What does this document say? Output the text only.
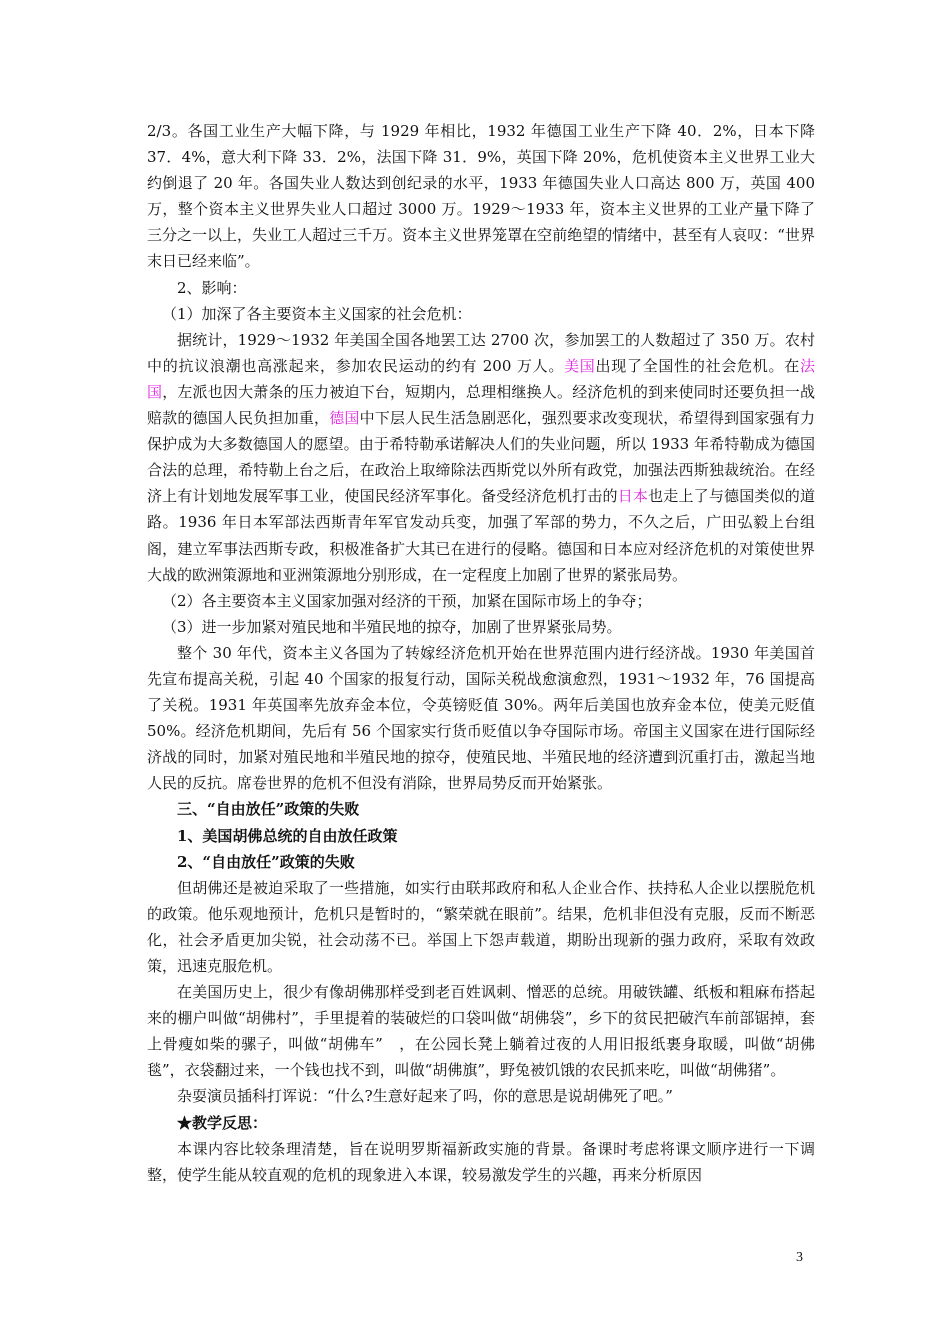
2/3。各国工业生产大幅下降，与 1929 年相比，1932 年德国工业生产下降 40．2%，日本下降 37．4%，意大利下降 33．2%，法国下降 31．9%，英国下降 20%，危机使资本主义世界工业大约倒退了 20 年。各国失业人数达到创纪录的水平，1933 年德国失业人口高达 800 万，英国 400 万，整个资本主义世界失业人口超过 3000 万。1929～1933 年，资本主义世界的工业产量下降了三分之一以上，失业工人超过三千万。资本主义世界笼罩在空前绝望的情绪中，甚至有人哀叹：“世界末日已经来临”。

2、影响：

（1）加深了各主要资本主义国家的社会危机：

据统计，1929～1932 年美国全国各地罢工达 2700 次，参加罢工的人数超过了 350 万。农村中的抗议浪潮也高涨起来，参加农民运动的约有 200 万人。美国出现了全国性的社会危机。在法国，左派也因大萧条的压力被迫下台，短期内，总理相继换人。经济危机的到来使同时还要负担一战赔款的德国人民负担加重，德国中下层人民生活急剧恶化，强烈要求改变现状，希望得到国家强有力保护成为大多数德国人的愿望。由于希特勒承诺解决人们的失业问题，所以 1933 年希特勒成为德国合法的总理，希特勒上台之后，在政治上取缔除法西斯党以外所有政党，加强法西斯独裁统治。在经济上有计划地发展军事工业，使国民经济军事化。备受经济危机打击的日本也走上了与德国类似的道路。1936 年日本军部法西斯青年军官发动兵变，加强了军部的势力，不久之后，广田弘毅上台组阁，建立军事法西斯专政，积极准备扩大其已在进行的侵略。德国和日本应对经济危机的对策使世界大战的欧洲策源地和亚洲策源地分别形成，在一定程度上加剧了世界的紧张局势。

（2）各主要资本主义国家加强对经济的干预，加紧在国际市场上的争夺；

（3）进一步加紧对殖民地和半殖民地的掠夺，加剧了世界紧张局势。

整个 30 年代，资本主义各国为了转嫁经济危机开始在世界范围内进行经济战。1930 年美国首先宣布提高关税，引起 40 个国家的报复行动，国际关税战愈演愈烈，1931～1932 年，76 国提高了关税。1931 年英国率先放弃金本位，令英镑贬值 30%。两年后美国也放弃金本位，使美元贬值 50%。经济危机期间，先后有 56 个国家实行货币贬值以争夺国际市场。帝国主义国家在进行国际经济战的同时，加紧对殖民地和半殖民地的掠夺，使殖民地、半殖民地的经济遭到沉重打击，激起当地人民的反抗。席卷世界的危机不但没有消除，世界局势反而开始紧张。

三、“自由放任”政策的失败

1、美国胡佛总统的自由放任政策

2、“自由放任”政策的失败

但胡佛还是被迫采取了一些措施，如实行由联邦政府和私人企业合作、扶持私人企业以摆脱危机的政策。他乐观地预计，危机只是暂时的，“繁荣就在眼前”。结果，危机非但没有克服，反而不断恶化，社会矛盾更加尖锐，社会动荡不已。举国上下怨声载道，期盼出现新的强力政府，采取有效政策，迅速克服危机。

在美国历史上，很少有像胡佛那样受到老百姓讽刺、憎恶的总统。用破铁罐、纸板和粗麻布搭起来的棚户叫做“胡佛村”，手里提着的装破烂的口袋叫做“胡佛袋”，乡下的贫民把破汽车前部锯掉，套上骨瘦如柴的骡子，叫做“胡佛车”　，在公园长凳上躺着过夜的人用旧报纸裹身取暖，叫做“胡佛毯”，衣袋翻过来，一个钱也找不到，叫做“胡佛旗”，野兔被饥饿的农民抓来吃，叫做“胡佛猪”。

杂耍演员插科打诨说：“什么?生意好起来了吗，你的意思是说胡佛死了吧。”

★教学反思：

本课内容比较条理清楚，旨在说明罗斯福新政实施的背景。备课时考虑将课文顺序进行一下调整，使学生能从较直观的危机的现象进入本课，较易激发学生的兴趣，再来分析原因

3
